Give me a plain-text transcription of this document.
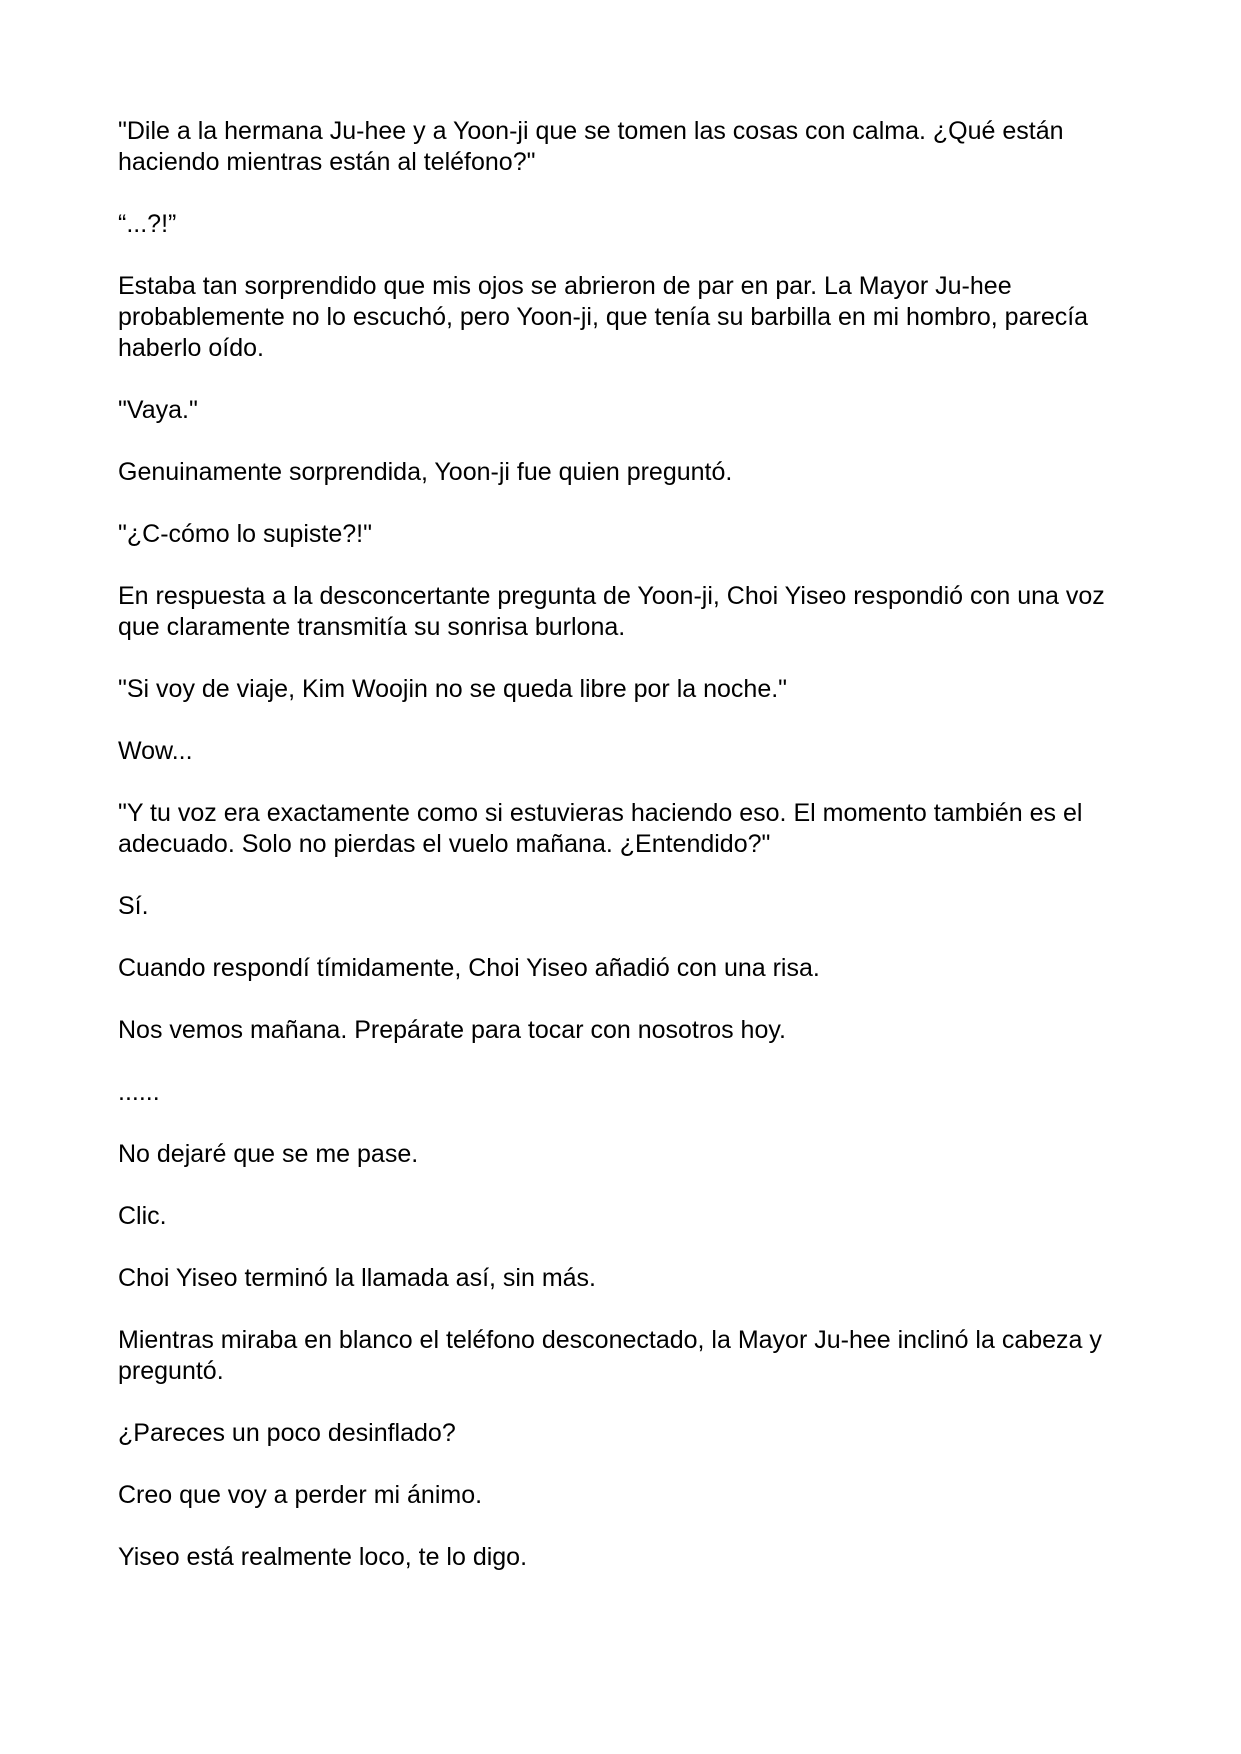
"Dile a la hermana Ju-hee y a Yoon-ji que se tomen las cosas con calma. ¿Qué están haciendo mientras están al teléfono?"

“...?!”

Estaba tan sorprendido que mis ojos se abrieron de par en par. La Mayor Ju-hee probablemente no lo escuchó, pero Yoon-ji, que tenía su barbilla en mi hombro, parecía haberlo oído.

"Vaya."

Genuinamente sorprendida, Yoon-ji fue quien preguntó.

"¿C-cómo lo supiste?!"

En respuesta a la desconcertante pregunta de Yoon-ji, Choi Yiseo respondió con una voz que claramente transmitía su sonrisa burlona.

"Si voy de viaje, Kim Woojin no se queda libre por la noche."

Wow...

"Y tu voz era exactamente como si estuvieras haciendo eso. El momento también es el adecuado. Solo no pierdas el vuelo mañana. ¿Entendido?"

Sí.

Cuando respondí tímidamente, Choi Yiseo añadió con una risa.

Nos vemos mañana. Prepárate para tocar con nosotros hoy.

......

No dejaré que se me pase.

Clic.

Choi Yiseo terminó la llamada así, sin más.

Mientras miraba en blanco el teléfono desconectado, la Mayor Ju-hee inclinó la cabeza y preguntó.

¿Pareces un poco desinflado?

Creo que voy a perder mi ánimo.

Yiseo está realmente loco, te lo digo.
